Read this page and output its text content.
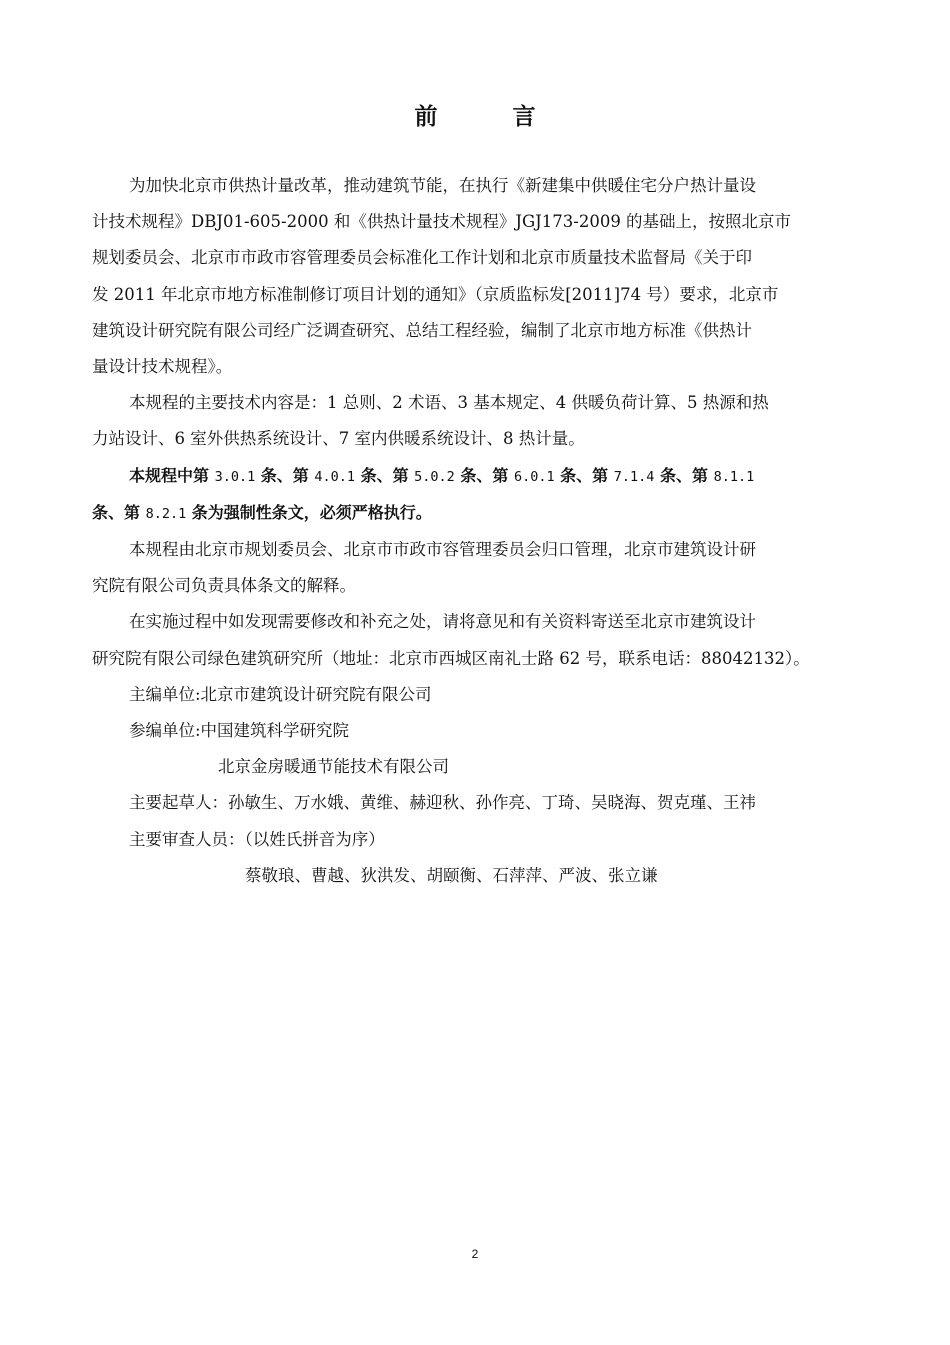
前　言
为加快北京市供热计量改革，推动建筑节能，在执行《新建集中供暖住宅分户热计量设
计技术规程》DBJ01-605-2000 和《供热计量技术规程》JGJ173-2009 的基础上，按照北京市
规划委员会、北京市市政市容管理委员会标准化工作计划和北京市质量技术监督局《关于印
发 2011 年北京市地方标准制修订项目计划的通知》（京质监标发[2011]74 号）要求，北京市
建筑设计研究院有限公司经广泛调查研究、总结工程经验，编制了北京市地方标准《供热计
量设计技术规程》。
本规程的主要技术内容是：1 总则、2 术语、3 基本规定、4 供暖负荷计算、5 热源和热
力站设计、6 室外供热系统设计、7 室内供暖系统设计、8 热计量。
本规程中第 3.0.1 条、第 4.0.1 条、第 5.0.2 条、第 6.0.1 条、第 7.1.4 条、第 8.1.1
条、第 8.2.1 条为强制性条文，必须严格执行。
本规程由北京市规划委员会、北京市市政市容管理委员会归口管理，北京市建筑设计研
究院有限公司负责具体条文的解释。
在实施过程中如发现需要修改和补充之处，请将意见和有关资料寄送至北京市建筑设计
研究院有限公司绿色建筑研究所（地址：北京市西城区南礼士路 62 号，联系电话：88042132）。
主编单位:北京市建筑设计研究院有限公司
参编单位:中国建筑科学研究院
北京金房暖通节能技术有限公司
主要起草人：孙敏生、万水娥、黄维、赫迎秋、孙作亮、丁琦、吴晓海、贺克瑾、王祎
主要审查人员：（以姓氏拼音为序）
蔡敬琅、曹越、狄洪发、胡颐衡、石萍萍、严波、张立谦
2
